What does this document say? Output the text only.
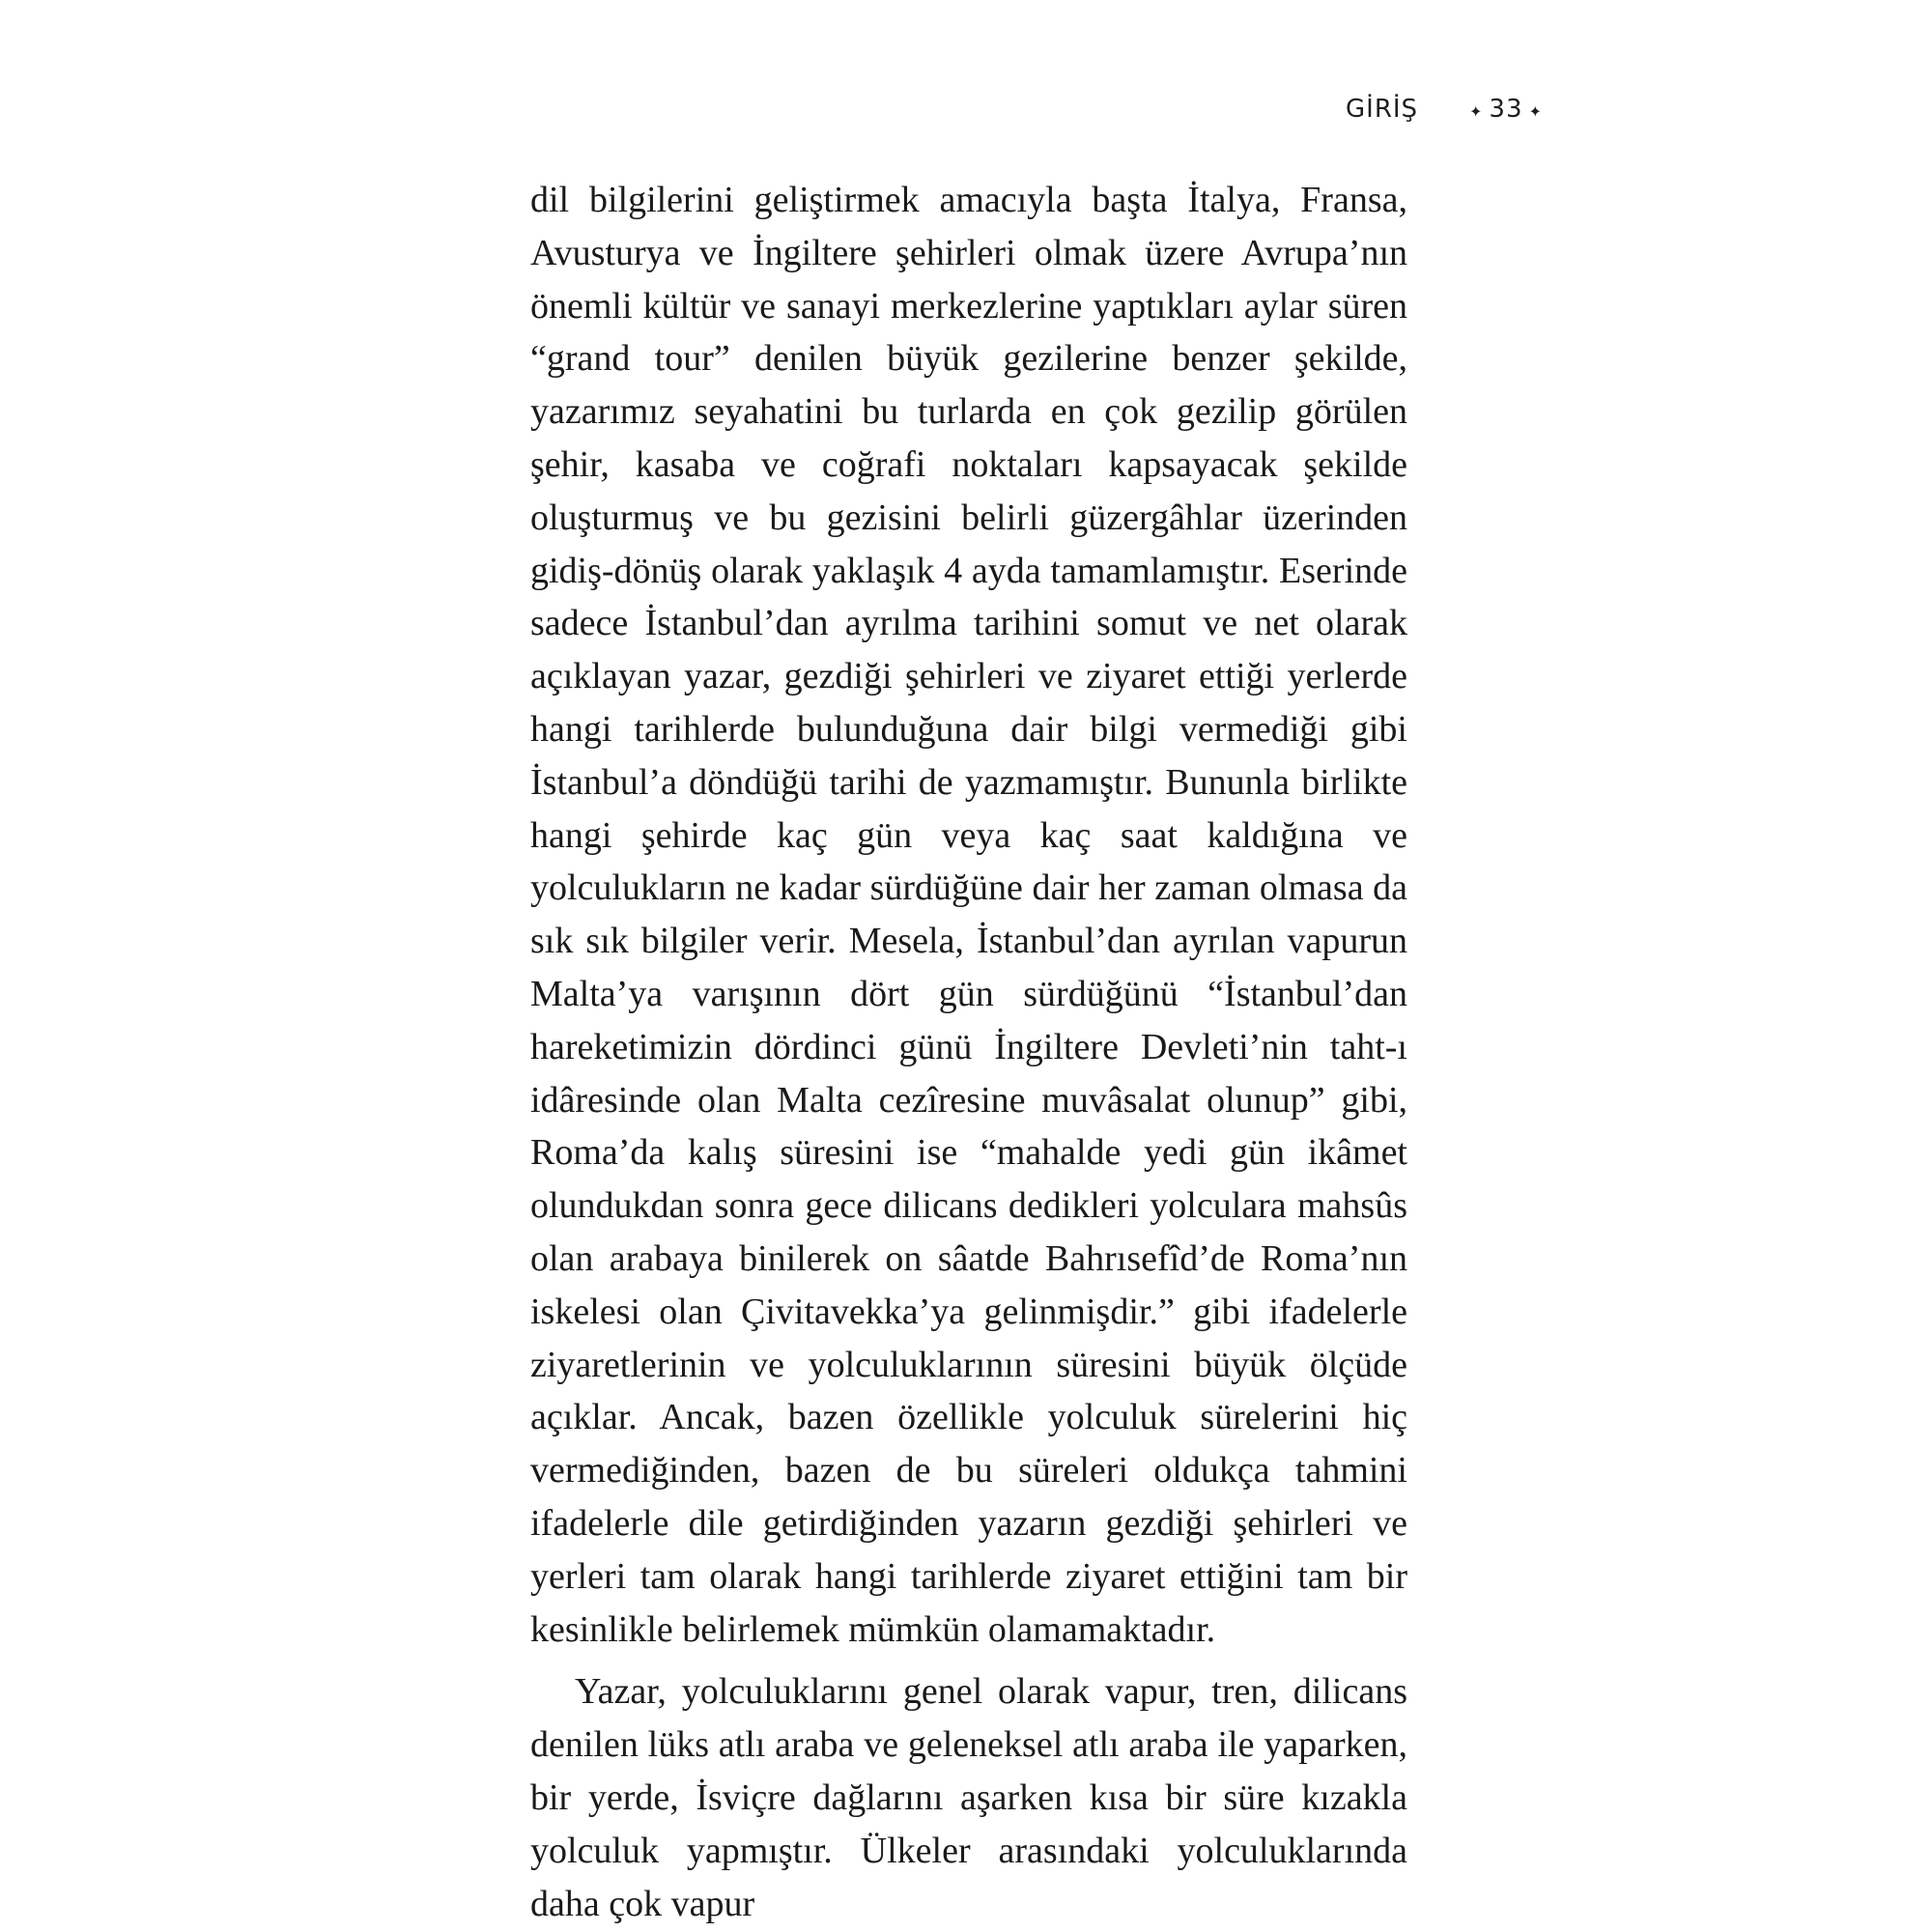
GİRİŞ	✦ 33 ✦

dil bilgilerini geliştirmek amacıyla başta İtalya, Fransa, Avusturya ve İngiltere şehirleri olmak üzere Avrupa’nın önemli kültür ve sanayi merkezlerine yaptıkları aylar süren “grand tour” denilen büyük gezilerine benzer şekilde, yazarımız seyahatini bu turlarda en çok gezilip görülen şehir, kasaba ve coğrafi noktaları kapsayacak şekilde oluşturmuş ve bu gezisini belirli güzergâhlar üzerinden gidiş-dönüş olarak yaklaşık 4 ayda tamamlamıştır. Eserinde sadece İstanbul’dan ayrılma tarihini somut ve net olarak açıklayan yazar, gezdiği şehirleri ve ziyaret ettiği yerlerde hangi tarihlerde bulunduğuna dair bilgi vermediği gibi İstanbul’a döndüğü tarihi de yazmamıştır. Bununla birlikte hangi şehirde kaç gün veya kaç saat kaldığına ve yolculukların ne kadar sürdüğüne dair her zaman olmasa da sık sık bilgiler verir. Mesela, İstanbul’dan ayrılan vapurun Malta’ya varışının dört gün sürdüğünü “İstanbul’dan hareketimizin dördinci günü İngiltere Devleti’nin taht-ı idâresinde olan Malta cezîresine muvâsalat olunup” gibi, Roma’da kalış süresini ise “mahalde yedi gün ikâmet olundukdan sonra gece dilicans dedikleri yolculara mahsûs olan arabaya binilerek on sâatde Bahrısefîd’de Roma’nın iskelesi olan Çivitavekka’ya gelinmişdir.” gibi ifadelerle ziyaretlerinin ve yolculuklarının süresini büyük ölçüde açıklar. Ancak, bazen özellikle yolculuk sürelerini hiç vermediğinden, bazen de bu süreleri oldukça tahmini ifadelerle dile getirdiğinden yazarın gezdiği şehirleri ve yerleri tam olarak hangi tarihlerde ziyaret ettiğini tam bir kesinlikle belirlemek mümkün olamamaktadır.

Yazar, yolculuklarını genel olarak vapur, tren, dilicans denilen lüks atlı araba ve geleneksel atlı araba ile yaparken, bir yerde, İsviçre dağlarını aşarken kısa bir süre kızakla yolculuk yapmıştır. Ülkeler arasındaki yolculuklarında daha çok vapur
